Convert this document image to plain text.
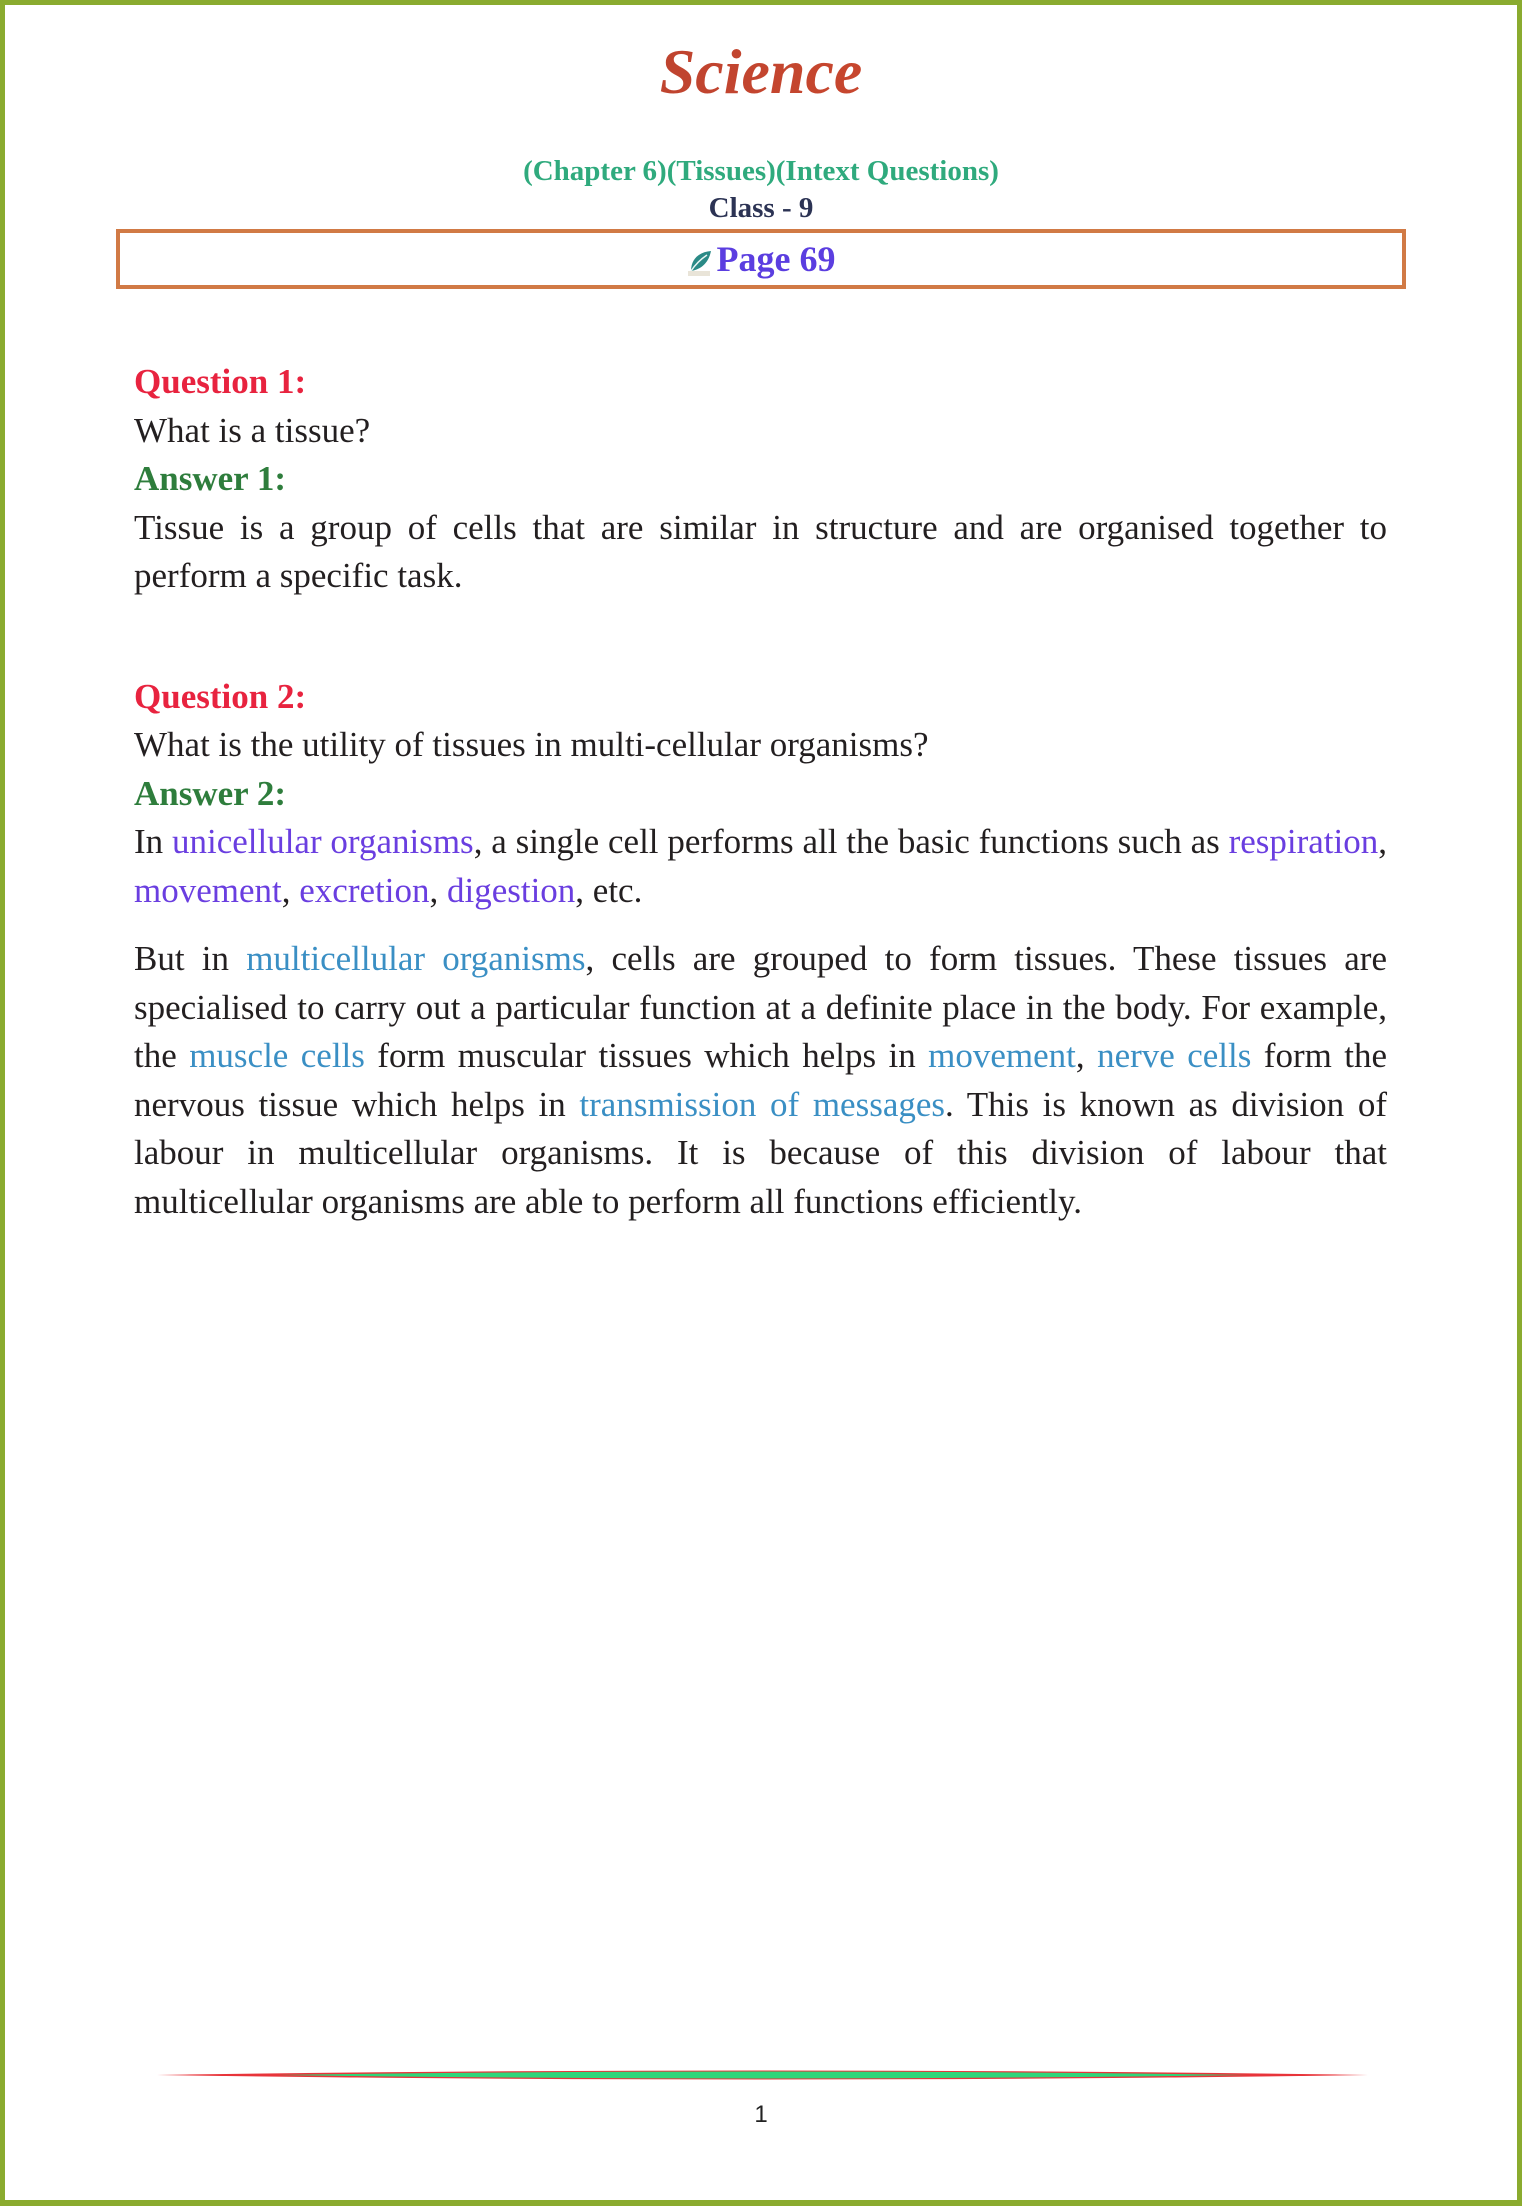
Science
(Chapter 6)(Tissues)(Intext Questions)
Class - 9
Page 69
Question 1:
What is a tissue?
Answer 1:

Tissue is a group of cells that are similar in structure and are organised together to perform a specific task.

Question 2:
What is the utility of tissues in multi-cellular organisms?
Answer 2:

In unicellular organisms, a single cell performs all the basic functions such as respiration, movement, excretion, digestion, etc.

But in multicellular organisms, cells are grouped to form tissues. These tissues are specialised to carry out a particular function at a definite place in the body. For example, the muscle cells form muscular tissues which helps in movement, nerve cells form the nervous tissue which helps in transmission of messages. This is known as division of labour in multicellular organisms. It is because of this division of labour that multicellular organisms are able to perform all functions efficiently.

1
